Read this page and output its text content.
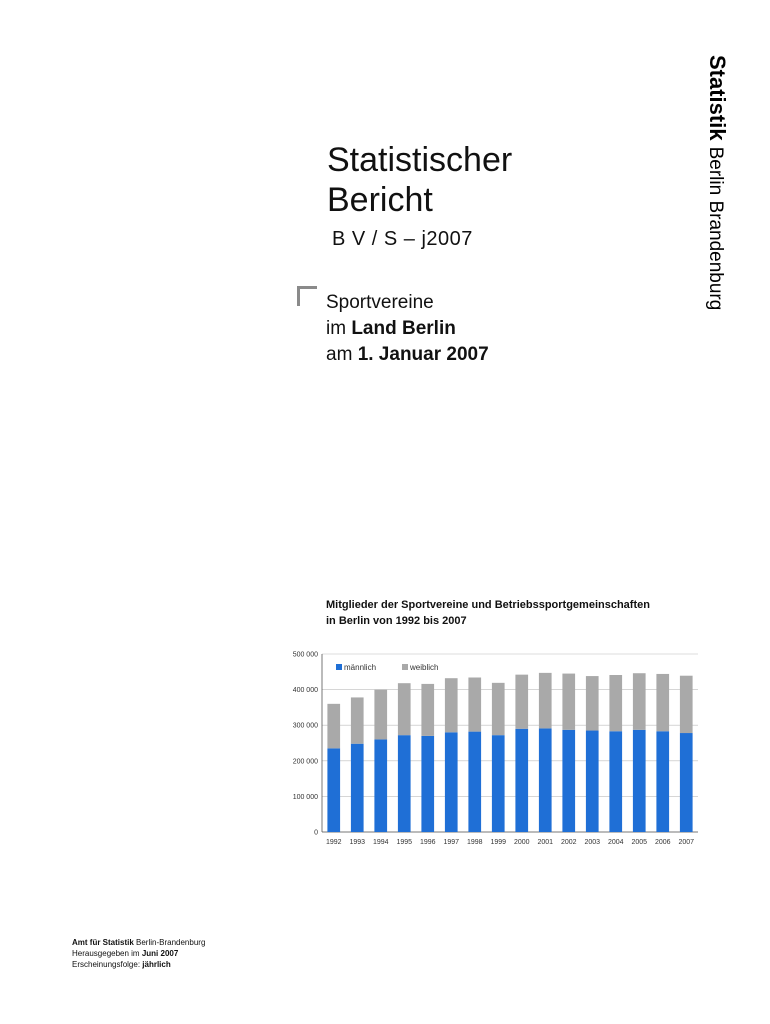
StatistikBerlin Brandenburg
Statistischer
Bericht
B V / S – j2007
Sportvereine
im Land Berlin
am 1. Januar 2007
Mitglieder der Sportvereine und Betriebssportgemeinschaften
in Berlin von 1992 bis 2007
0
100 000
200 000
300 000
400 000
500 000
1992 1993 1994 1995 1996 1997 1998 1999 2000 2001 2002 2003 2004 2005 2006 2007
männlich	weiblich
Amt für Statistik Berlin-Brandenburg
Herausgegeben im Juni 2007
Erscheinungsfolge: jährlich
